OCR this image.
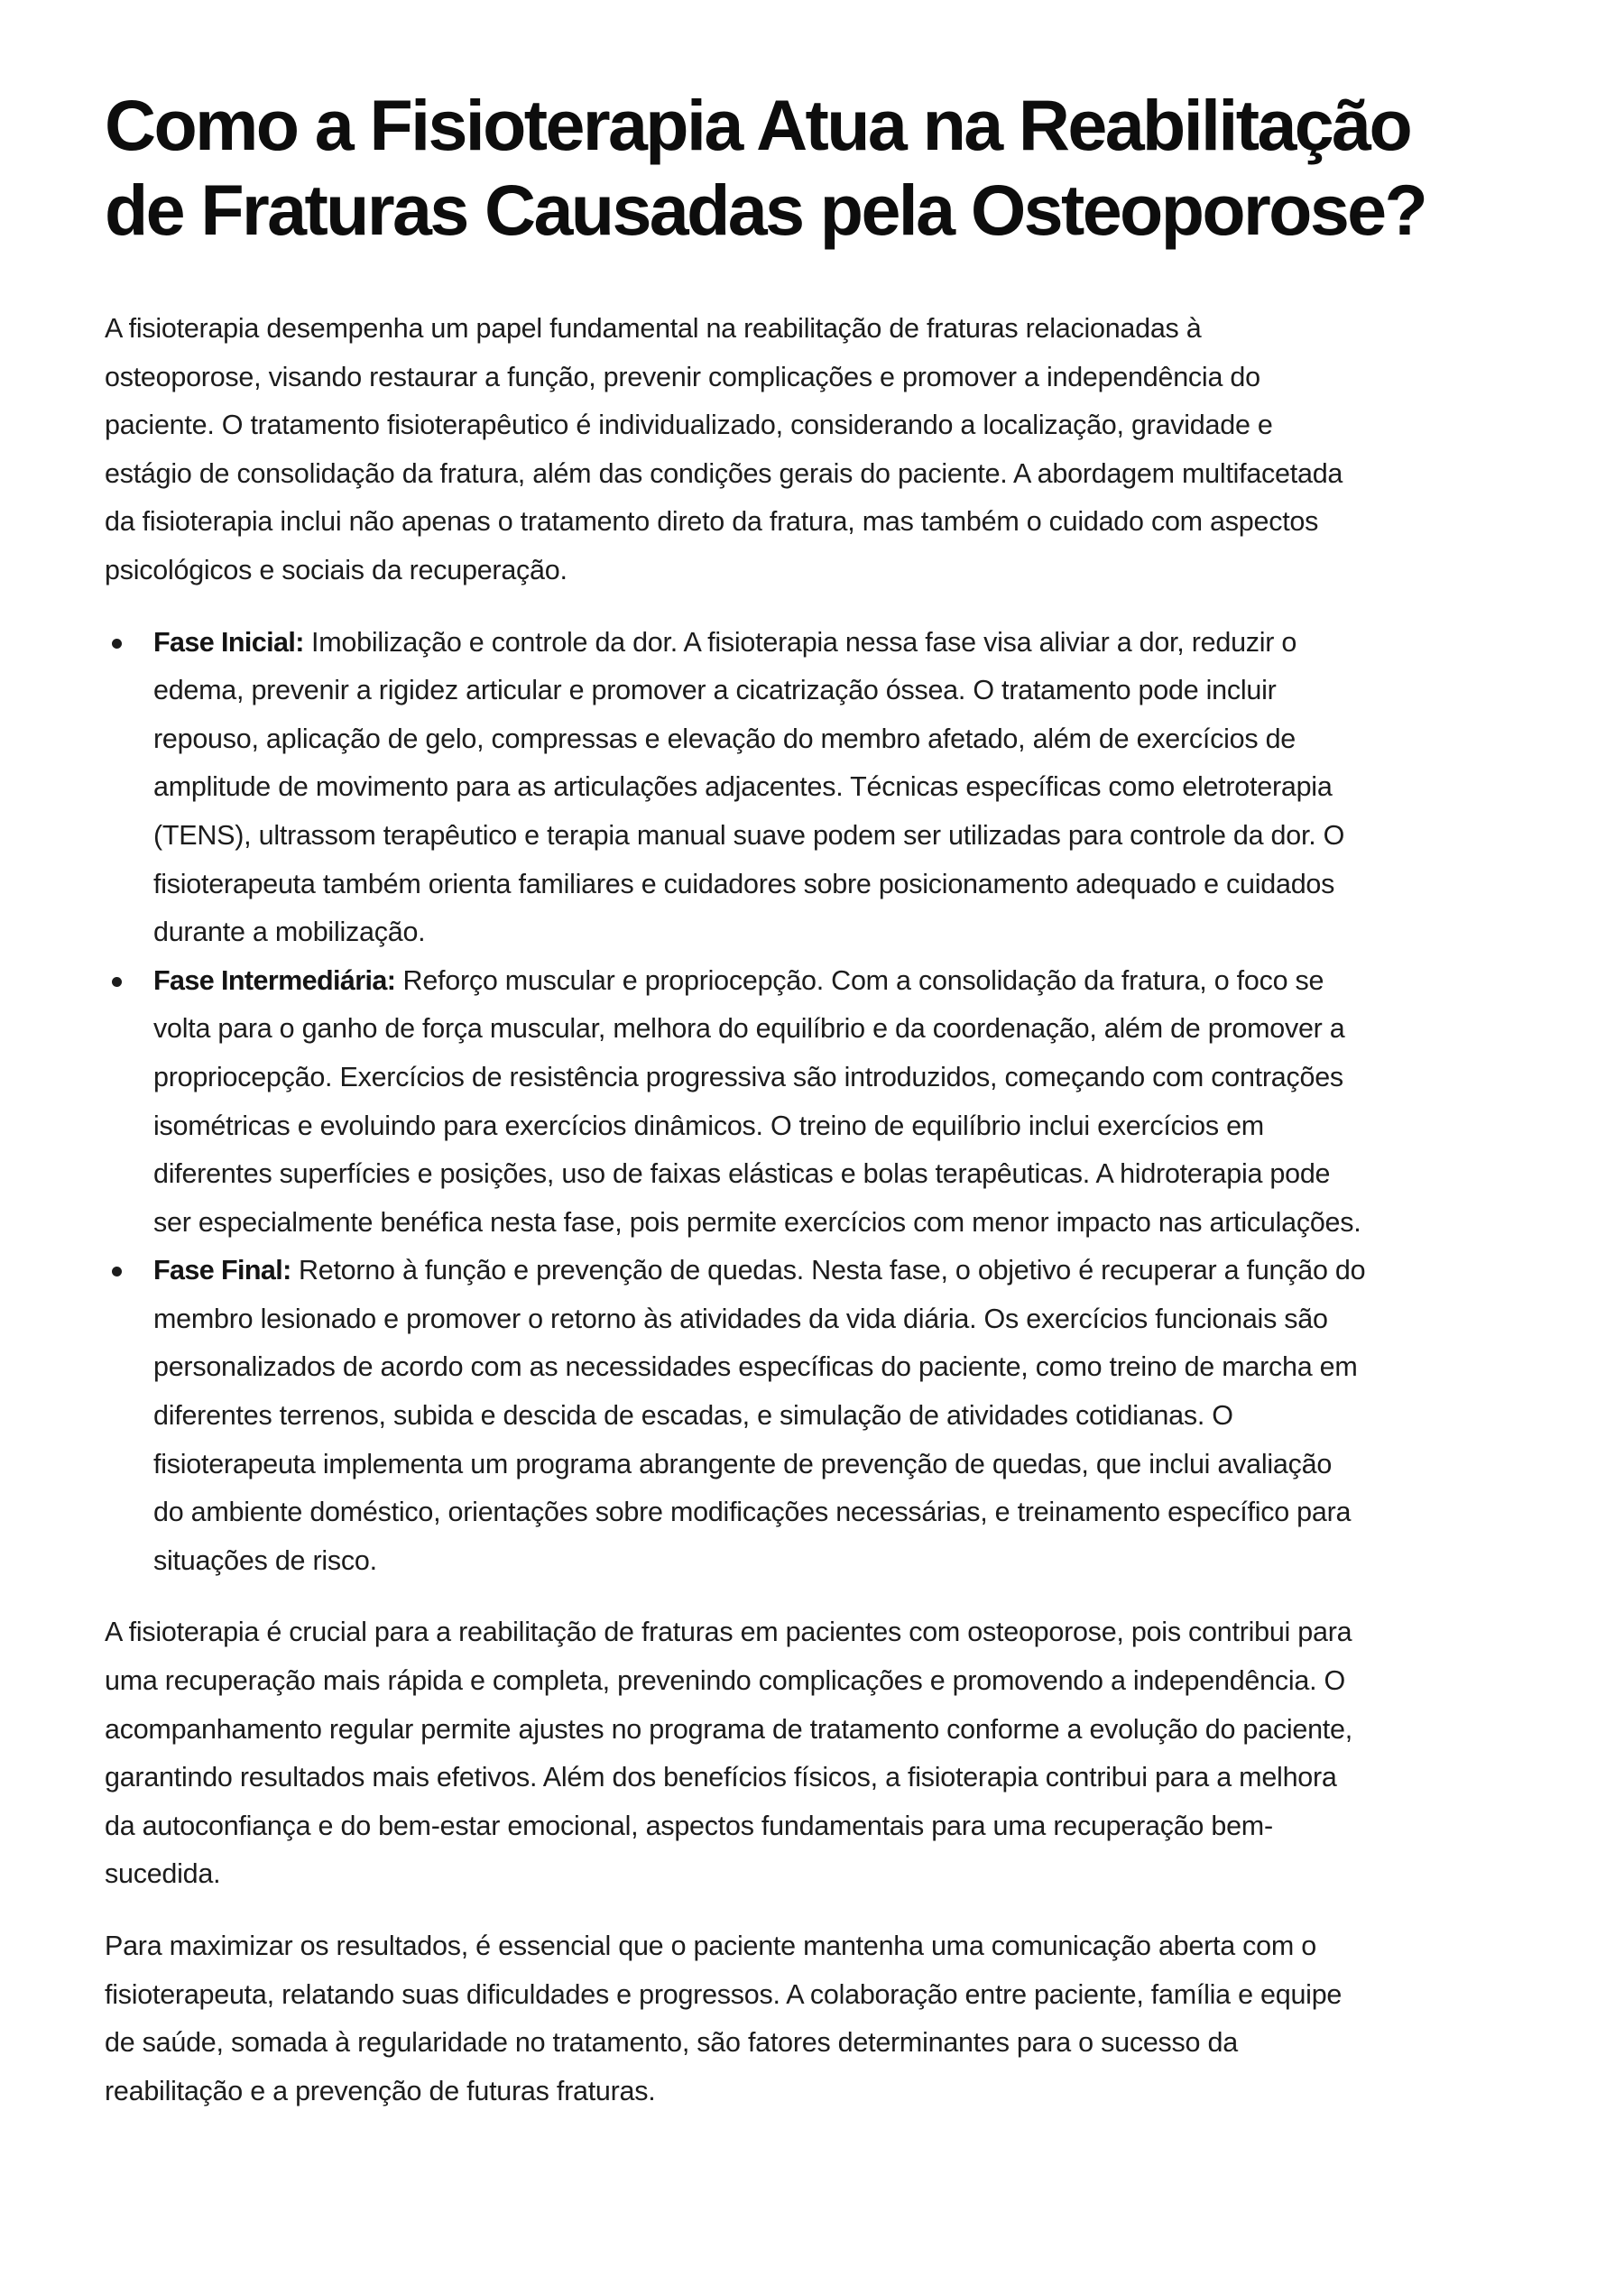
Como a Fisioterapia Atua na Reabilitação
de Fraturas Causadas pela Osteoporose?

A fisioterapia desempenha um papel fundamental na reabilitação de fraturas relacionadas à
osteoporose, visando restaurar a função, prevenir complicações e promover a independência do
paciente. O tratamento fisioterapêutico é individualizado, considerando a localização, gravidade e
estágio de consolidação da fratura, além das condições gerais do paciente. A abordagem multifacetada
da fisioterapia inclui não apenas o tratamento direto da fratura, mas também o cuidado com aspectos
psicológicos e sociais da recuperação.

Fase Inicial: Imobilização e controle da dor. A fisioterapia nessa fase visa aliviar a dor, reduzir o
edema, prevenir a rigidez articular e promover a cicatrização óssea. O tratamento pode incluir
repouso, aplicação de gelo, compressas e elevação do membro afetado, além de exercícios de
amplitude de movimento para as articulações adjacentes. Técnicas específicas como eletroterapia
(TENS), ultrassom terapêutico e terapia manual suave podem ser utilizadas para controle da dor. O
fisioterapeuta também orienta familiares e cuidadores sobre posicionamento adequado e cuidados
durante a mobilização.

Fase Intermediária: Reforço muscular e propriocepção. Com a consolidação da fratura, o foco se
volta para o ganho de força muscular, melhora do equilíbrio e da coordenação, além de promover a
propriocepção. Exercícios de resistência progressiva são introduzidos, começando com contrações
isométricas e evoluindo para exercícios dinâmicos. O treino de equilíbrio inclui exercícios em
diferentes superfícies e posições, uso de faixas elásticas e bolas terapêuticas. A hidroterapia pode
ser especialmente benéfica nesta fase, pois permite exercícios com menor impacto nas articulações.

Fase Final: Retorno à função e prevenção de quedas. Nesta fase, o objetivo é recuperar a função do
membro lesionado e promover o retorno às atividades da vida diária. Os exercícios funcionais são
personalizados de acordo com as necessidades específicas do paciente, como treino de marcha em
diferentes terrenos, subida e descida de escadas, e simulação de atividades cotidianas. O
fisioterapeuta implementa um programa abrangente de prevenção de quedas, que inclui avaliação
do ambiente doméstico, orientações sobre modificações necessárias, e treinamento específico para
situações de risco.

A fisioterapia é crucial para a reabilitação de fraturas em pacientes com osteoporose, pois contribui para
uma recuperação mais rápida e completa, prevenindo complicações e promovendo a independência. O
acompanhamento regular permite ajustes no programa de tratamento conforme a evolução do paciente,
garantindo resultados mais efetivos. Além dos benefícios físicos, a fisioterapia contribui para a melhora
da autoconfiança e do bem-estar emocional, aspectos fundamentais para uma recuperação bem-
sucedida.

Para maximizar os resultados, é essencial que o paciente mantenha uma comunicação aberta com o
fisioterapeuta, relatando suas dificuldades e progressos. A colaboração entre paciente, família e equipe
de saúde, somada à regularidade no tratamento, são fatores determinantes para o sucesso da
reabilitação e a prevenção de futuras fraturas.
